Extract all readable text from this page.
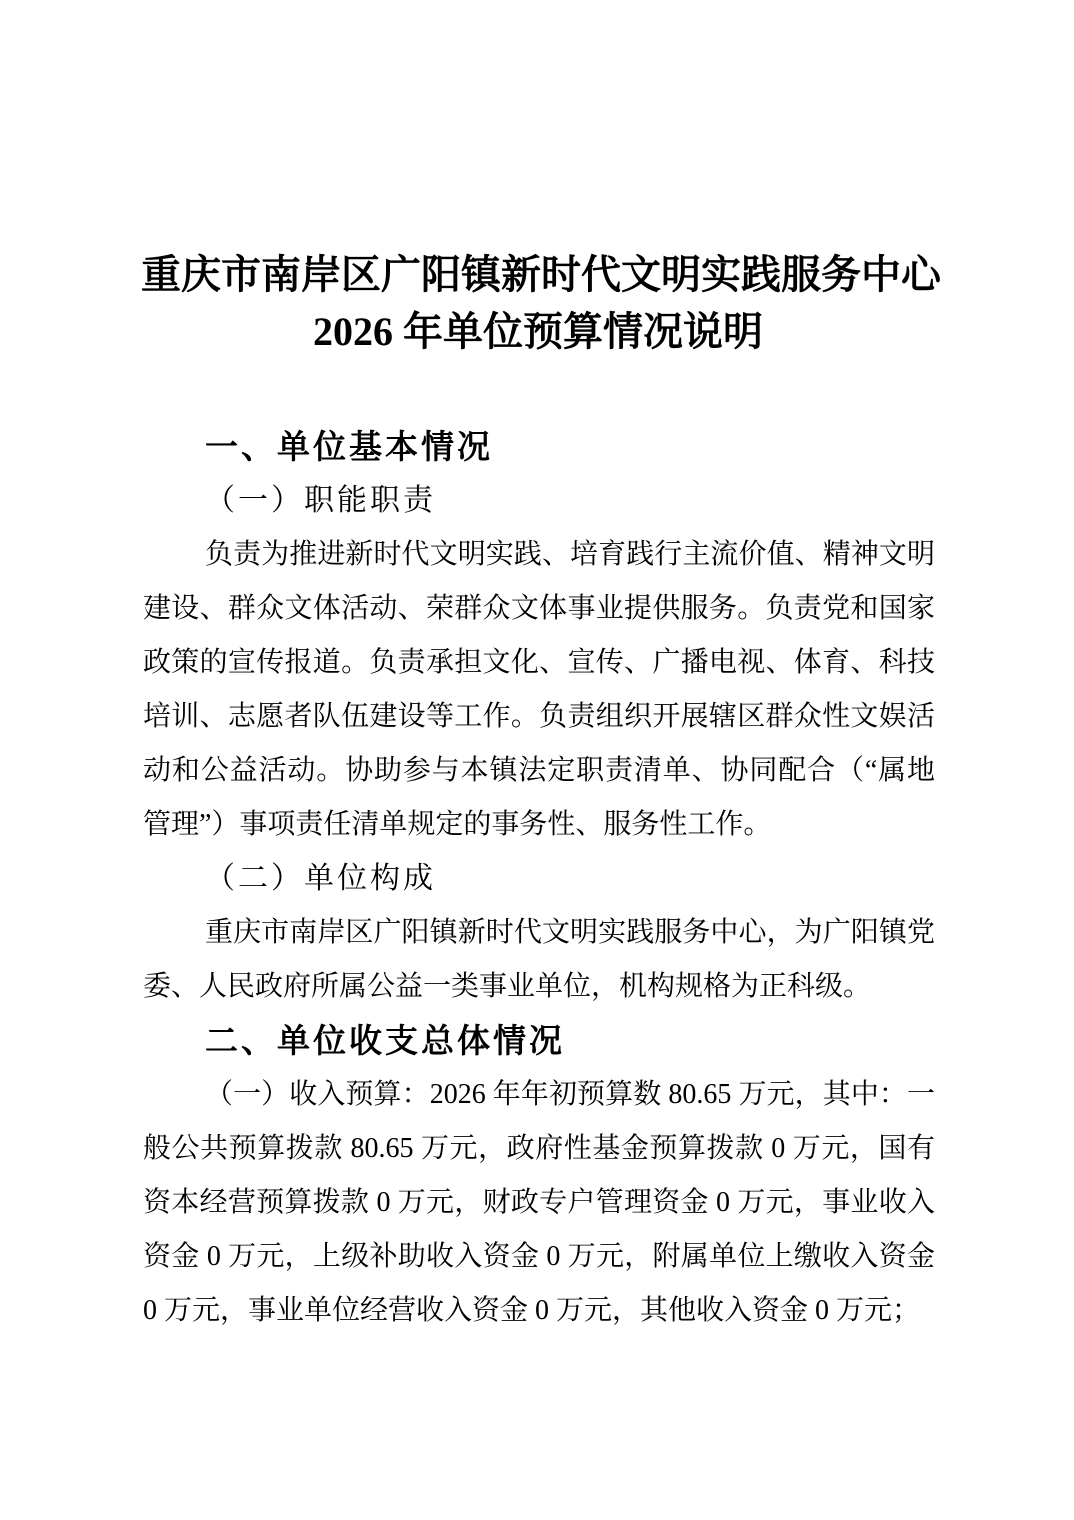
重庆市南岸区广阳镇新时代文明实践服务中心
2026 年单位预算情况说明
一、单位基本情况
（一）职能职责
负责为推进新时代文明实践、培育践行主流价值、精神文明
建设、群众文体活动、荣群众文体事业提供服务。负责党和国家
政策的宣传报道。负责承担文化、宣传、广播电视、体育、科技
培训、志愿者队伍建设等工作。负责组织开展辖区群众性文娱活
动和公益活动。协助参与本镇法定职责清单、协同配合（“属地
管理”）事项责任清单规定的事务性、服务性工作。
（二）单位构成
重庆市南岸区广阳镇新时代文明实践服务中心，为广阳镇党
委、人民政府所属公益一类事业单位，机构规格为正科级。
二、单位收支总体情况
（一）收入预算：2026 年年初预算数 80.65 万元，其中：一
般公共预算拨款 80.65 万元，政府性基金预算拨款 0 万元，国有
资本经营预算拨款 0 万元，财政专户管理资金 0 万元，事业收入
资金 0 万元，上级补助收入资金 0 万元，附属单位上缴收入资金
0 万元，事业单位经营收入资金 0 万元，其他收入资金 0 万元；
